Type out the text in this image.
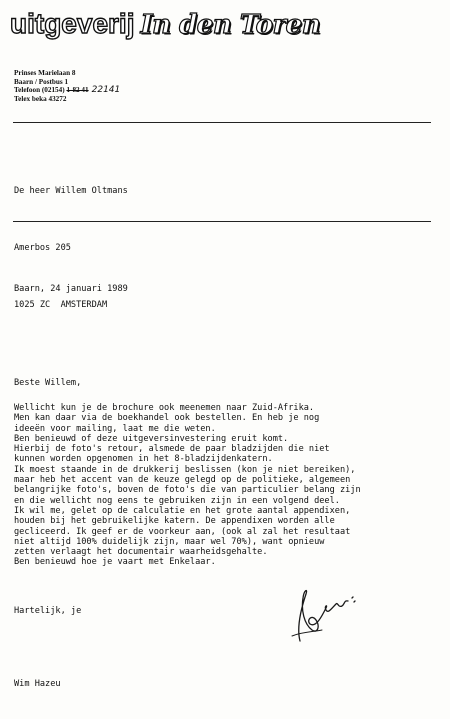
uitgeverij In den Toren
Prinses Marielaan 8
Baarn / Postbus 1
Telefoon (02154) 1-82 41 22141
Telex beka 43272

De heer Willem Oltmans

Amerbos 205

1025 ZC  AMSTERDAM

Baarn, 24 januari 1989
Beste Willem,
Wellicht kun je de brochure ook meenemen naar Zuid-Afrika.
Men kan daar via de boekhandel ook bestellen. En heb je nog
ideeën voor mailing, laat me die weten.
Ben benieuwd of deze uitgeversinvestering eruit komt.
Hierbij de foto's retour, alsmede de paar bladzijden die niet
kunnen worden opgenomen in het 8-bladzijdenkatern.
Ik moest staande in de drukkerij beslissen (kon je niet bereiken),
maar heb het accent van de keuze gelegd op de politieke, algemeen
belangrijke foto's, boven de foto's die van particulier belang zijn
en die wellicht nog eens te gebruiken zijn in een volgend deel.
Ik wil me, gelet op de calculatie en het grote aantal appendixen,
houden bij het gebruikelijke katern. De appendixen worden alle
gecliceerd. Ik geef er de voorkeur aan, (ook al zal het resultaat
niet altijd 100% duidelijk zijn, maar wel 70%), want opnieuw
zetten verlaagt het documentair waarheidsgehalte.
Ben benieuwd hoe je vaart met Enkelaar.
Hartelijk, je
Wim Hazeu
